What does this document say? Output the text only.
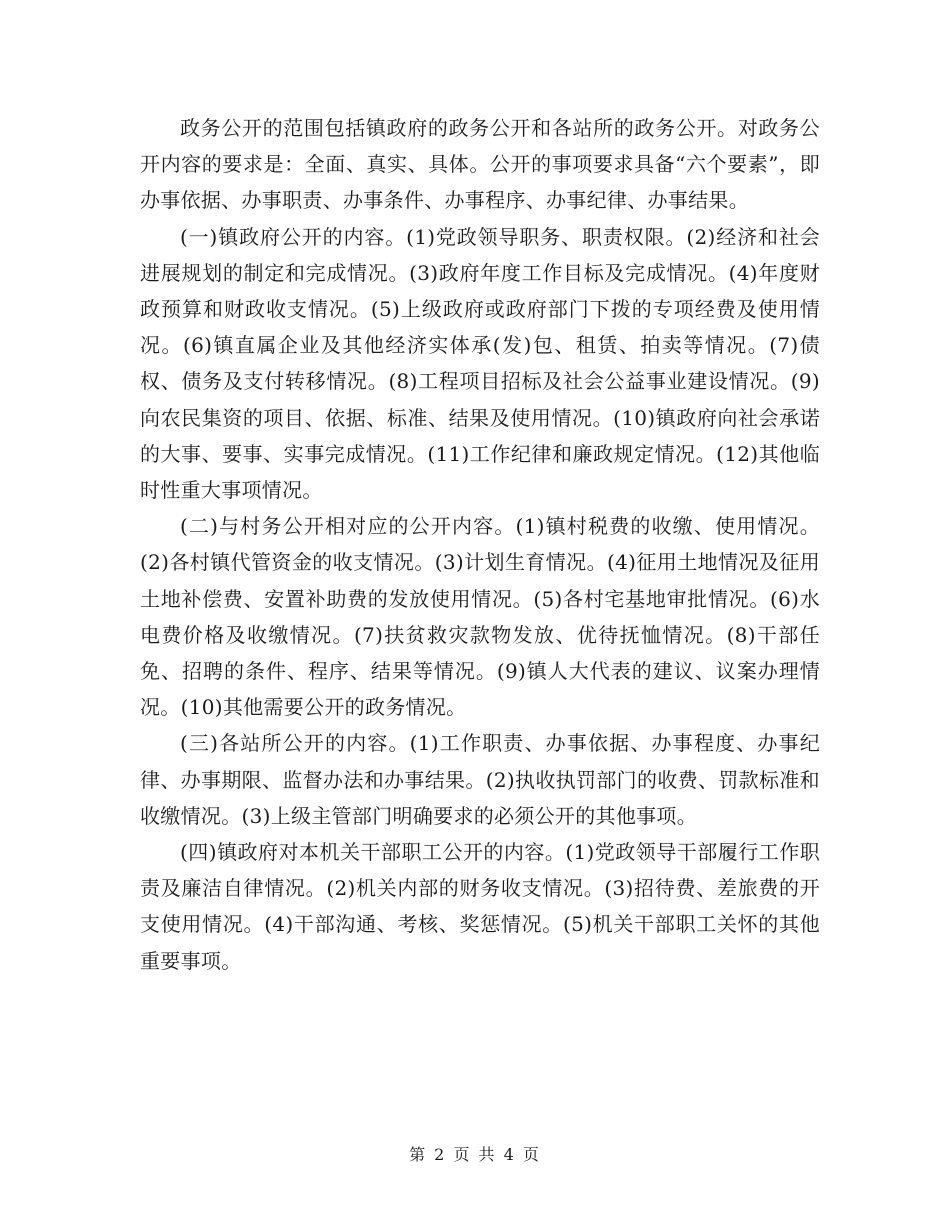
政务公开的范围包括镇政府的政务公开和各站所的政务公开。对政务公开内容的要求是：全面、真实、具体。公开的事项要求具备“六个要素”，即办事依据、办事职责、办事条件、办事程序、办事纪律、办事结果。

(一)镇政府公开的内容。(1)党政领导职务、职责权限。(2)经济和社会进展规划的制定和完成情况。(3)政府年度工作目标及完成情况。(4)年度财政预算和财政收支情况。(5)上级政府或政府部门下拨的专项经费及使用情况。(6)镇直属企业及其他经济实体承(发)包、租赁、拍卖等情况。(7)债权、债务及支付转移情况。(8)工程项目招标及社会公益事业建设情况。(9)向农民集资的项目、依据、标准、结果及使用情况。(10)镇政府向社会承诺的大事、要事、实事完成情况。(11)工作纪律和廉政规定情况。(12)其他临时性重大事项情况。

(二)与村务公开相对应的公开内容。(1)镇村税费的收缴、使用情况。(2)各村镇代管资金的收支情况。(3)计划生育情况。(4)征用土地情况及征用土地补偿费、安置补助费的发放使用情况。(5)各村宅基地审批情况。(6)水电费价格及收缴情况。(7)扶贫救灾款物发放、优待抚恤情况。(8)干部任免、招聘的条件、程序、结果等情况。(9)镇人大代表的建议、议案办理情况。(10)其他需要公开的政务情况。

(三)各站所公开的内容。(1)工作职责、办事依据、办事程度、办事纪律、办事期限、监督办法和办事结果。(2)执收执罚部门的收费、罚款标准和收缴情况。(3)上级主管部门明确要求的必须公开的其他事项。

(四)镇政府对本机关干部职工公开的内容。(1)党政领导干部履行工作职责及廉洁自律情况。(2)机关内部的财务收支情况。(3)招待费、差旅费的开支使用情况。(4)干部沟通、考核、奖惩情况。(5)机关干部职工关怀的其他重要事项。

第 2 页 共 4 页
